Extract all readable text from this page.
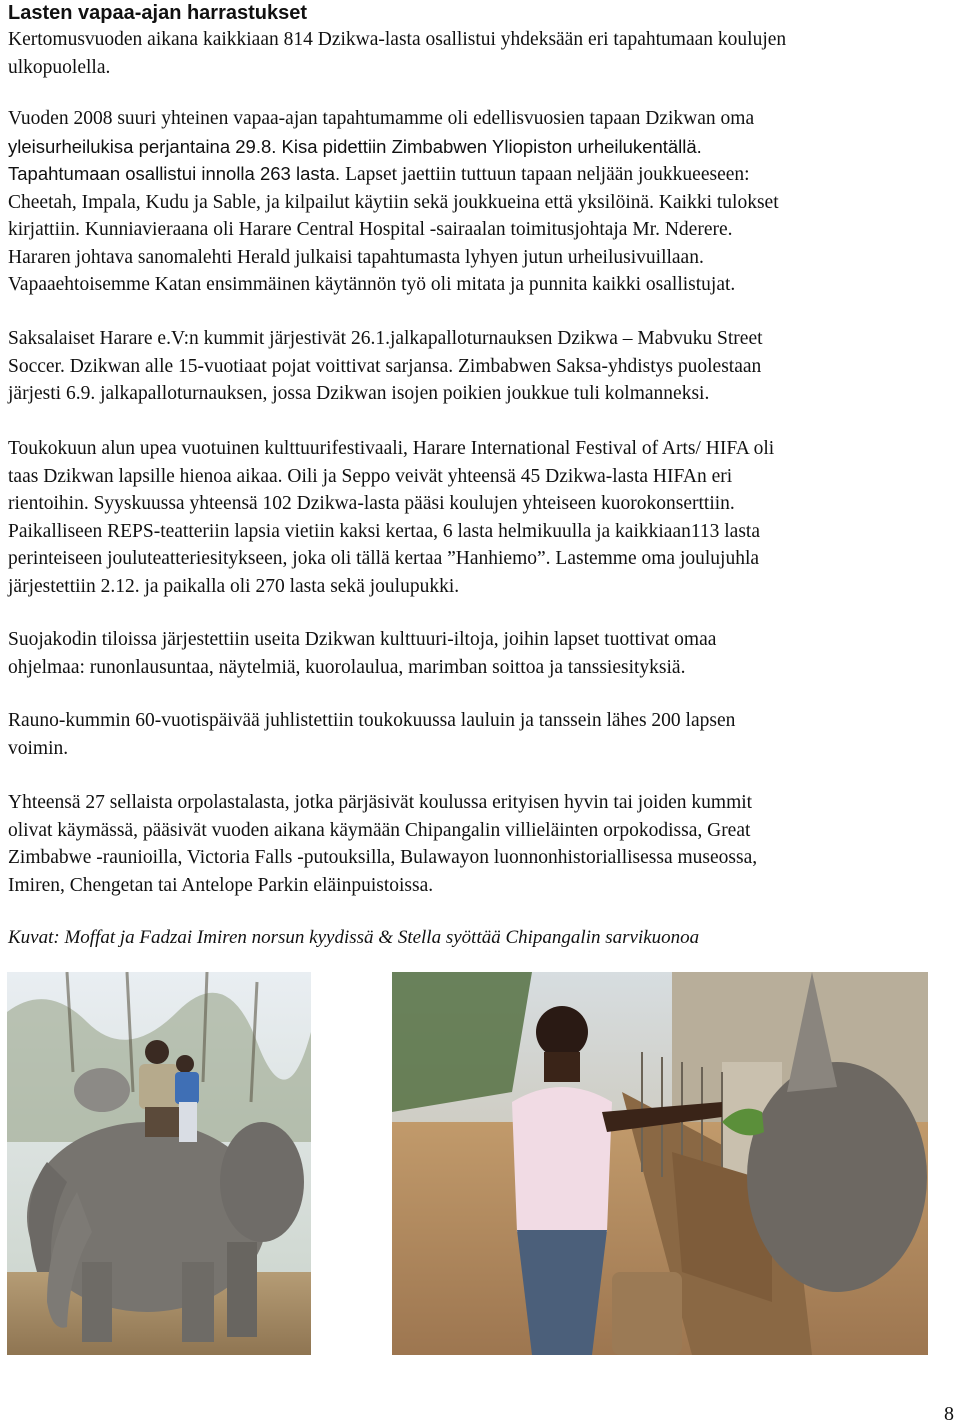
Lasten vapaa-ajan harrastukset
Kertomusvuoden aikana kaikkiaan 814 Dzikwa-lasta osallistui yhdeksään eri tapahtumaan koulujen
ulkopuolella.
Vuoden 2008 suuri yhteinen vapaa-ajan tapahtumamme oli edellisvuosien tapaan Dzikwan oma
yleisurheilukisa perjantaina 29.8. Kisa pidettiin Zimbabwen Yliopiston urheilukentällä.
Tapahtumaan osallistui innolla 263 lasta. Lapset jaettiin tuttuun tapaan neljään joukkueeseen:
Cheetah, Impala, Kudu ja Sable, ja kilpailut käytiin sekä joukkueina että yksilöinä. Kaikki tulokset
kirjattiin. Kunniavieraana oli Harare Central Hospital -sairaalan toimitusjohtaja Mr. Nderere.
Hararen johtava sanomalehti Herald julkaisi tapahtumasta lyhyen jutun urheilusivuillaan.
Vapaaehtoisemme Katan ensimmäinen käytännön työ oli mitata ja punnita kaikki osallistujat.
Saksalaiset Harare e.V:n kummit järjestivät 26.1.jalkapalloturnauksen Dzikwa – Mabvuku Street
Soccer. Dzikwan alle 15-vuotiaat pojat voittivat sarjansa. Zimbabwen Saksa-yhdistys puolestaan
järjesti 6.9. jalkapalloturnauksen, jossa Dzikwan isojen poikien joukkue tuli kolmanneksi.
Toukokuun alun upea vuotuinen kulttuurifestivaali, Harare International Festival of Arts/ HIFA oli
taas Dzikwan lapsille hienoa aikaa. Oili ja Seppo veivät yhteensä 45 Dzikwa-lasta HIFAn eri
rientoihin. Syyskuussa yhteensä 102 Dzikwa-lasta pääsi koulujen yhteiseen kuorokonserttiin.
Paikalliseen REPS-teatteriin lapsia vietiin kaksi kertaa, 6 lasta helmikuulla ja kaikkiaan113 lasta
perinteiseen jouluteatteriesitykseen, joka oli tällä kertaa ”Hanhiemo”. Lastemme oma joulujuhla
järjestettiin 2.12. ja paikalla oli 270 lasta sekä joulupukki.
Suojakodin tiloissa järjestettiin useita Dzikwan kulttuuri-iltoja, joihin lapset tuottivat omaa
ohjelmaa: runonlausuntaa, näytelmiä, kuorolaulua, marimban soittoa ja tanssiesityksiä.
Rauno-kummin 60-vuotispäivää juhlistettiin toukokuussa lauluin ja tanssein lähes 200 lapsen
voimin.
Yhteensä 27 sellaista orpolastalasta, jotka pärjäsivät koulussa erityisen hyvin tai joiden kummit
olivat käymässä, pääsivät vuoden aikana käymään Chipangalin villieläinten orpokodissa, Great
Zimbabwe -raunioilla, Victoria Falls -putouksilla, Bulawayon luonnonhistoriallisessa museossa,
Imiren, Chengetan tai Antelope Parkin eläinpuistoissa.
Kuvat: Moffat ja Fadzai Imiren norsun kyydissä & Stella syöttää Chipangalin sarvikuonoa
8
